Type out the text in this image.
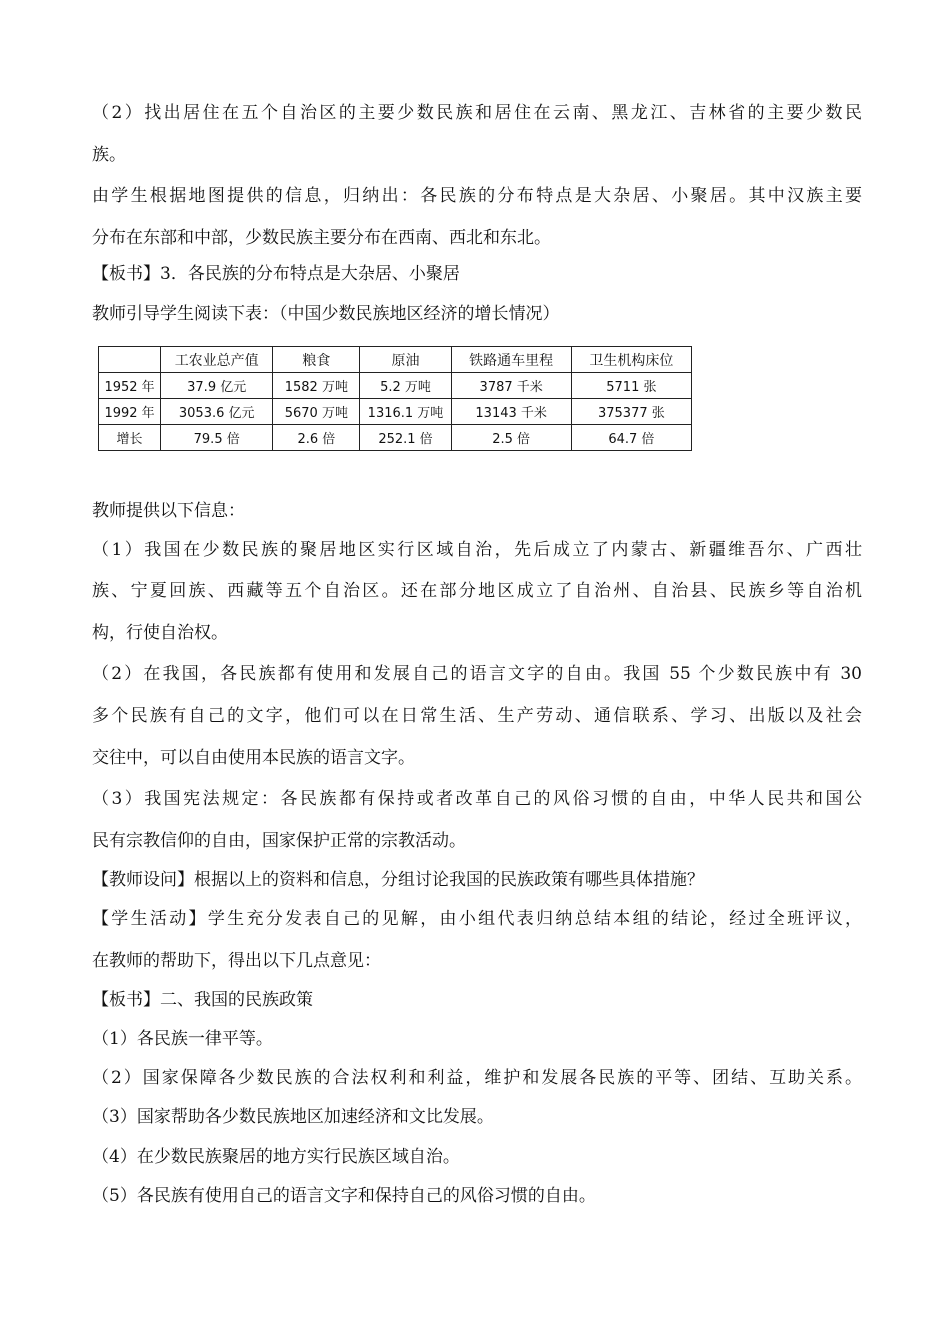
（2）找出居住在五个自治区的主要少数民族和居住在云南、黑龙江、吉林省的主要少数民
族。
由学生根据地图提供的信息，归纳出：各民族的分布特点是大杂居、小聚居。其中汉族主要
分布在东部和中部，少数民族主要分布在西南、西北和东北。
【板书】3．各民族的分布特点是大杂居、小聚居
教师引导学生阅读下表：（中国少数民族地区经济的增长情况）
	工农业总产值	粮食	原油	铁路通车里程	卫生机构床位
1952 年	37.9 亿元	1582 万吨	5.2 万吨	3787 千米	5711 张
1992 年	3053.6 亿元	5670 万吨	1316.1 万吨	13143 千米	375377 张
增长	79.5 倍	2.6 倍	252.1 倍	2.5 倍	64.7 倍
教师提供以下信息：
（1）我国在少数民族的聚居地区实行区域自治，先后成立了内蒙古、新疆维吾尔、广西壮
族、宁夏回族、西藏等五个自治区。还在部分地区成立了自治州、自治县、民族乡等自治机
构，行使自治权。
（2）在我国，各民族都有使用和发展自己的语言文字的自由。我国 55 个少数民族中有 30
多个民族有自己的文字，他们可以在日常生活、生产劳动、通信联系、学习、出版以及社会
交往中，可以自由使用本民族的语言文字。
（3）我国宪法规定：各民族都有保持或者改革自己的风俗习惯的自由，中华人民共和国公
民有宗教信仰的自由，国家保护正常的宗教活动。
【教师设问】根据以上的资料和信息，分组讨论我国的民族政策有哪些具体措施？
【学生活动】学生充分发表自己的见解，由小组代表归纳总结本组的结论，经过全班评议，
在教师的帮助下，得出以下几点意见：
【板书】二、我国的民族政策
（1）各民族一律平等。
（2）国家保障各少数民族的合法权利和利益，维护和发展各民族的平等、团结、互助关系。
（3）国家帮助各少数民族地区加速经济和文比发展。
（4）在少数民族聚居的地方实行民族区域自治。
（5）各民族有使用自己的语言文字和保持自己的风俗习惯的自由。
